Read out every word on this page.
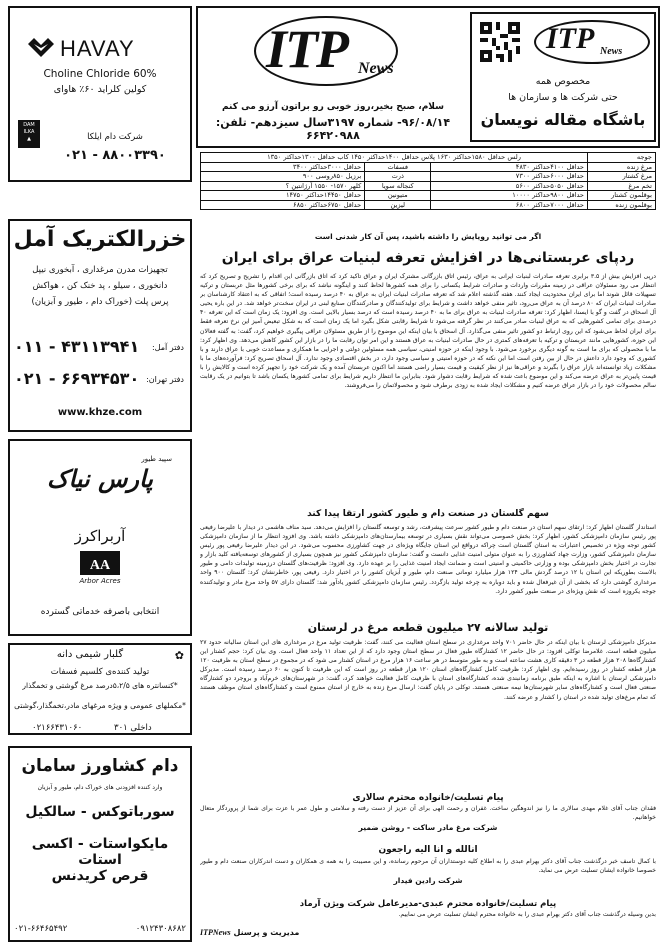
HAVAY
Choline Chloride 60%
کولین کلراید ۶۰٪ هاوای
DAM
ILKA
▲	شرکت دام ایلکا
۰۲۱ - ۸۸۰۰۳۳۹۰
خزرالکتریک آمل
تجهیزات مدرن مرغداری ، آبخوری نیپل
دانخوری ، سیلو ، پد خنک کن ، هواکش
پرس پلت (خوراک دام ، طیور و آبزیان)
دفتر آمل:
۰۱۱ - ۴۳۱۱۳۹۴۱
دفتر تهران:
۰۲۱ - ۶۶۹۳۴۵۳۰
www.khze.com
سپید طیور
پارس نیاک
آربراکرز
AA
Arbor Acres
انتخابی باصرفه خدماتی گسترده
✿
گلبار شیمی دانه
تولید کننده‌ی کلسیم فسفات
*کنسانتره های ۵،۲/۵درصد مرغ گوشتی و تخمگذار
*مکملهای عمومی و ویژه مرغهای مادر،تخمگذار،گوشتی
۰۲۱۶۶۴۳۱۰۶۰	داخلی ۳۰۱
دام کشاورز سامان
وارد کننده افزودنی های خوراک دام، طیور و آبزیان
سورباتوکس - سالکیل
مایکواستات - اکسی استات
قرص کریدنس
۰۲۱-۶۶۴۶۵۴۹۲	۰۹۱۲۴۳۰۸۶۸۲
ITP News
سلام، صبح بخیر،روز خوبی رو براتون آرزو می کنم
۹۶/۰۸/۱۴- شماره ۳۱۹۷سال سیزدهم- تلفن: ۶۶۴۲۰۹۸۸
ITP News
مخصوص همه
حتی شرکت ها و سازمان ها
باشگاه مقاله نویسان
جوجه	رلس حداقل ۱۵۸۰حداکثر ۱۶۳۰ پلاس حداقل ۱۴۰۰حداکثر ۱۴۵۰ کاب حداقل ۱۳۰۰حداکثر ۱۳۵۰		
مرغ زنده	حداقل ۴۱۰۰حداکثر ۴۸۳۰	فسفات	حداقل ۳۰۰۰حداکثر ۳۴۰۰
مرغ کشتار	حداقل ۶۰۰۰حداکثر ۷۳۰۰	ذرت	برزیل ۸۵۰روسی ۹۰۰
تخم مرغ	حداقل ۵۰۵۰حداکثر ۵۶۰۰	کنجاله سویا	کلهر ۱۵۷۰- ۱۵۵۰ آرژانتین ؟
بوقلمون کشتار	حداقل ۹۸۰۰حداکثر ۱۰۰۰۰	متیونین	حداقل ۱۴۴۵۰حداکثر ۱۴۷۵۰
بوقلمون زنده	حداقل ۷۰۰۰حداکثر ۶۸۰۰	لیزین	حداقل ۶۷۵۰حداکثر ۶۸۵۰
اگر می توانید رویایش را داشته باشید، پس آن کار شدنی است
ردپای عربستانی‌ها در افزایش تعرفه لبنیات عراق برای ایران
درپی افزایش بیش از ۳.۵ برابری تعرفه صادرات لبنیات ایرانی به عراق، رئیس اتاق بازرگانی مشترک ایران و عراق تاکید کرد که اتاق بازرگانی این اقدام را تشریح و تصریح کرد که انتظار می رود مسئولان عراقی در زمینه مقررات واردات و صادرات شرایط یکسانی را برای همه کشورها لحاظ کنند و اینگونه نباشد که برای برخی کشورها مثل عربستان و ترکیه تسهیلات قائل شوند اما برای ایران محدودیت ایجاد کنند. هفته گذشته اعلام شد که تعرفه صادرات لبنیات ایران به عراق به ۴۰ درصد رسیده است؛ اتفاقی که به اعتقاد کارشناسان بر صادرات لبنیات ایران که ۸۰ درصد آن به عراق می‌رود، تاثیر منفی خواهد داشت و شرایط برای تولیدکنندگان و صادرکنندگان صنایع لبنی در ایران سخت‌تر خواهد شد. در این باره یحیی آل اسحاق در گفت و گو با ایسنا، اظهار کرد: تعرفه صادرات لبنیات به عراق برای ما به ۴۰ درصد رسیده است که درصد بسیار بالایی است. وی افزود: یک زمان است که این تعرفه ۴۰ درصدی برای تمامی کشورهایی که به عراق لبنیات صادر می‌کنند در نظر گرفته می‌شود تا شرایط رقابتی شکل بگیرد اما یک زمان است که به شکل تبعیض آمیز این نرخ تعرفه فقط برای ایران لحاظ می‌شود که این روی ارتباط دو کشور تاثیر منفی می‌گذارد. آل اسحاق با بیان اینکه این موضوع را از طریق مسئولان عراقی پیگیری خواهیم کرد، گفت: به گفته فعالان این حوزه، کشورهایی مانند عربستان و ترکیه با تعرفه‌های کمتری در حال صادرات لبنیات به عراق هستند و این امر توان رقابت ما را در بازار این کشور کاهش می‌دهد. وی اظهار کرد: ما با محصولی که برای ما است به گونه دیگری برخورد می‌شود. با وجود اینکه در حوزه امنیتی، سیاسی همه مسئولین دولتی و اجرایی ما همکاری و مساعدت خوبی با عراق دارند و با کشوری که وجود دارد داعش در حال از بین رفتن است اما این نکته که در حوزه امنیتی و سیاسی وجود دارد، در بخش اقتصادی وجود ندارد. آل اسحاق تصریح کرد: فرآورده‌های ما با مشکلات زیاد توانسته‌اند بازار عراق را بگیرند و عراقی‌ها نیز از نظر کیفیت و قیمت بسیار راضی هستند اما اکنون عربستان آمده و یک شرکت خود را تجهیز کرده است و کالایش را با قیمت پایین‌تر به عراق عرضه می‌کند و این موضوع باعث شده که شرایط رقابت دشوار شود. بنابراین ما انتظار داریم شرایط برای تمامی کشورها یکسان باشد تا بتوانیم در یک رقابت سالم محصولات خود را در بازار عراق عرضه کنیم و مشکلات ایجاد شده به زودی برطرف شود و محصولاتمان را می‌فروشند.
سهم گلستان در صنعت دام و طیور کشور ارتقا پیدا کند
استاندار گلستان اظهار کرد: ارتقای سهم استان در صنعت دام و طیور کشور سرعت پیشرفت، رشد و توسعه گلستان را افزایش می‌دهد. سید مناف هاشمی در دیدار با علیرضا رفیعی پور رئیس سازمان دامپزشکی کشور، اظهار کرد: بخش خصوصی می‌تواند نقش بسیاری در توسعه بیمارستان‌های دامپزشکی داشته باشد. وی افزود انتظار ما از سازمان دامپزشکی کشور توجه ویژه در تخصیص اعتبارات به استان گلستان است چراکه درواقع این استان جایگاه ویژه‌ای در جهت کشاورزی محسوب می‌شود. در این دیدار علیرضا رفیعی پور رئیس سازمان دامپزشکی کشور، وزارت جهاد کشاورزی را به عنوان متولی امنیت غذایی دانست و گفت: سازمان دامپزشکی کشور نیز همچون بسیاری از کشورهای توسعه‌یافته کلید بازار و تجارت در اختیار بخش دامپزشکی بوده و وزارتی حاکمیتی و امنیتی است و ضمانت ایجاد امنیت غذایی را بر عهده دارد. وی افزود: ظرفیت‌های گلستان درزمینه تولیدات دامی و طیور بالاست بطوریکه این استان با ۱۲ درصد گردش مالی ۱۲۴ هزار میلیارد تومانی صنعت دام، طیور و آبزیان کشور را در اختیار دارد. رفیعی پور، خاطرنشان کرد: گلستان ۹۰۰ واحد مرغداری گوشتی دارد که بخشی از آن غیرفعال شده و باید دوباره به چرخه تولید بازگردد. رئیس سازمان دامپزشکی کشور یادآور شد: گلستان دارای ۵۷ واحد مرغ مادر و تولیدکننده جوجه یکروزه است که نقش ویژه‌ای در صنعت طیور کشور دارد.
تولید سالانه ۲۷ میلیون قطعه مرغ در لرستان
مدیرکل دامپزشکی لرستان با بیان اینکه در حال حاضر ۷۰۱ واحد مرغداری در سطح استان فعالیت می کنند، گفت: ظرفیت تولید مرغ در مرغداری های این استان سالیانه حدود ۲۷ میلیون قطعه است. غلامرضا توکلی افزود: در حال حاضر ۱۲ کشتارگاه طیور فعال در سطح استان وجود دارد که از این تعداد ۱۱ واحد فعال است. وی بیان کرد: حجم کشتار این کشتارگاه‌ها ۲۰۸ هزار قطعه در ۳ دقیقه کاری هشت ساعته است و به طور متوسط در هر ساعت ۱۶ هزار مرغ در استان کشتار می شود که در مجموع در سطح استان به ظرفیت ۱۲۰ هزار قطعه کشتار در روز رسیده‌ایم. وی اظهار کرد: ظرفیت کامل کشتارگاه‌های استان ۱۲۰ هزار قطعه در روز است که این ظرفیت تا کنون به ۶۰ درصد رسیده است. مدیرکل دامپزشکی لرستان با اشاره به اینکه طبق برنامه زمانبندی شده، کشتارگاه‌های استان با ظرفیت کامل فعالیت خواهند کرد، گفت: در شهرستان‌های خرم‌آباد و بروجرد دو کشتارگاه صنعتی فعال است و کشتارگاه‌های سایر شهرستان‌ها نیمه صنعتی هستند. توکلی در پایان گفت: ارسال مرغ زنده به خارج از استان ممنوع است و کشتارگاه‌های استان موظف هستند که تمام مرغ‌های تولید شده در استان را کشتار و عرضه کنند.
پیام تسلیت/خانواده محترم سالاری
فقدان جناب آقای غلام مهدی سالاری ما را نیز اندوهگین ساخت. غفران و رحمت الهی برای آن عزیز از دست رفته و سلامتی و طول عمر با عزت برای شما از پروردگار متعال خواهانیم.
شرکت مرغ مادر ساکت - روشن ضمیر
انالله و انا الیه راجعون
با کمال تاسف خبر درگذشت جناب آقای دکتر بهرام عبدی را به اطلاع کلیه دوستداران آن مرحوم رسانده، و این مصیبت را به همه ی همکاران و دست اندرکاران صنعت دام و طیور خصوصا خانواده ایشان تسلیت عرض می نماید.
شرکت رادین فیدار
پیام تسلیت/خانواده محترم عبدی-مدیرعامل شرکت ویژن آرماد
بدین وسیله درگذشت جناب آقای دکتر بهرام عبدی را به خانواده محترم ایشان تسلیت عرض می نماییم.
مدیریت و پرسنل ITPNews
